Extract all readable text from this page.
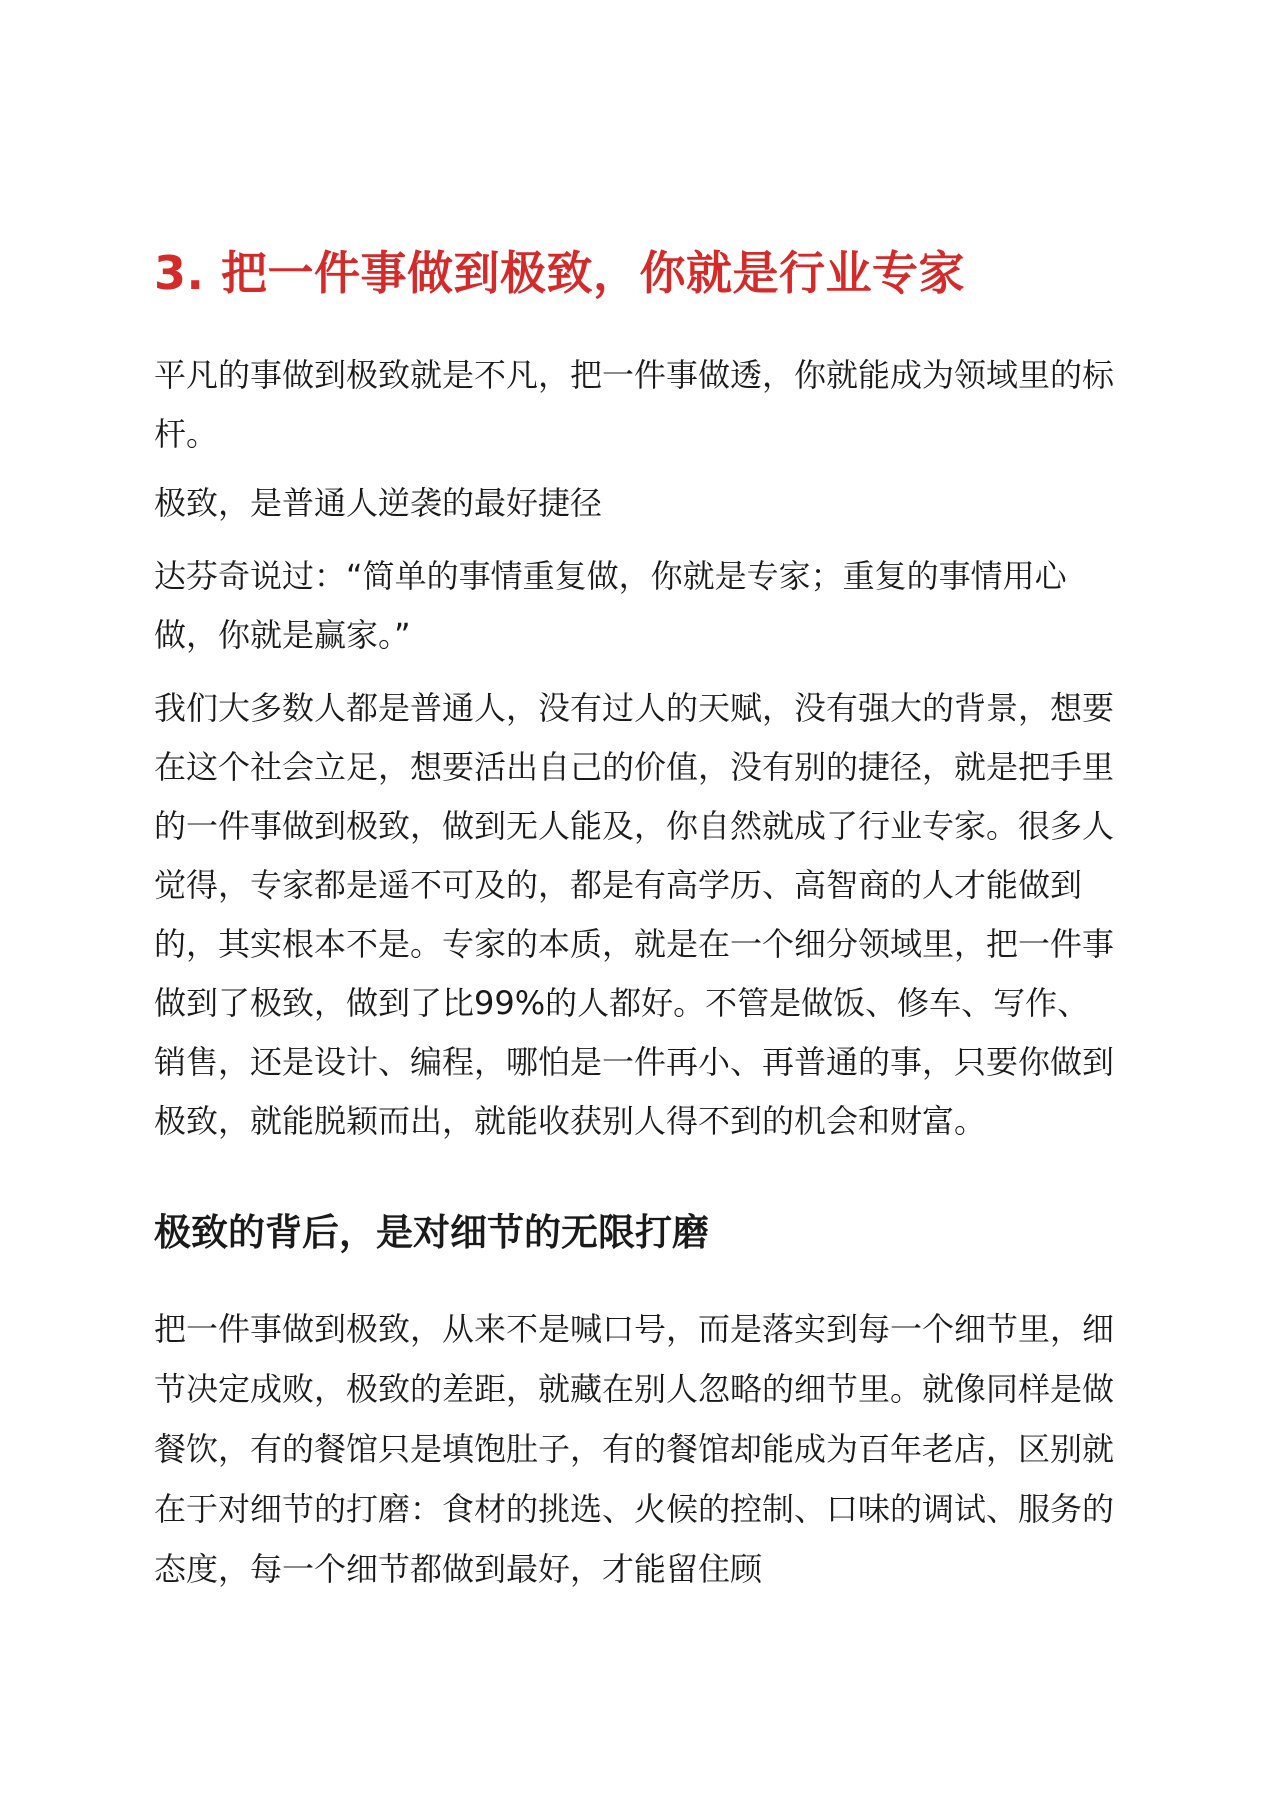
3. 把一件事做到极致，你就是行业专家

平凡的事做到极致就是不凡，把一件事做透，你就能成为领域里的标杆。

极致，是普通人逆袭的最好捷径

达芬奇说过：“简单的事情重复做，你就是专家；重复的事情用心做，你就是赢家。”

我们大多数人都是普通人，没有过人的天赋，没有强大的背景，想要在这个社会立足，想要活出自己的价值，没有别的捷径，就是把手里的一件事做到极致，做到无人能及，你自然就成了行业专家。很多人觉得，专家都是遥不可及的，都是有高学历、高智商的人才能做到的，其实根本不是。专家的本质，就是在一个细分领域里，把一件事做到了极致，做到了比99%的人都好。不管是做饭、修车、写作、销售，还是设计、编程，哪怕是一件再小、再普通的事，只要你做到极致，就能脱颖而出，就能收获别人得不到的机会和财富。

极致的背后，是对细节的无限打磨

把一件事做到极致，从来不是喊口号，而是落实到每一个细节里，细节决定成败，极致的差距，就藏在别人忽略的细节里。就像同样是做餐饮，有的餐馆只是填饱肚子，有的餐馆却能成为百年老店，区别就在于对细节的打磨：食材的挑选、火候的控制、口味的调试、服务的态度，每一个细节都做到最好，才能留住顾
